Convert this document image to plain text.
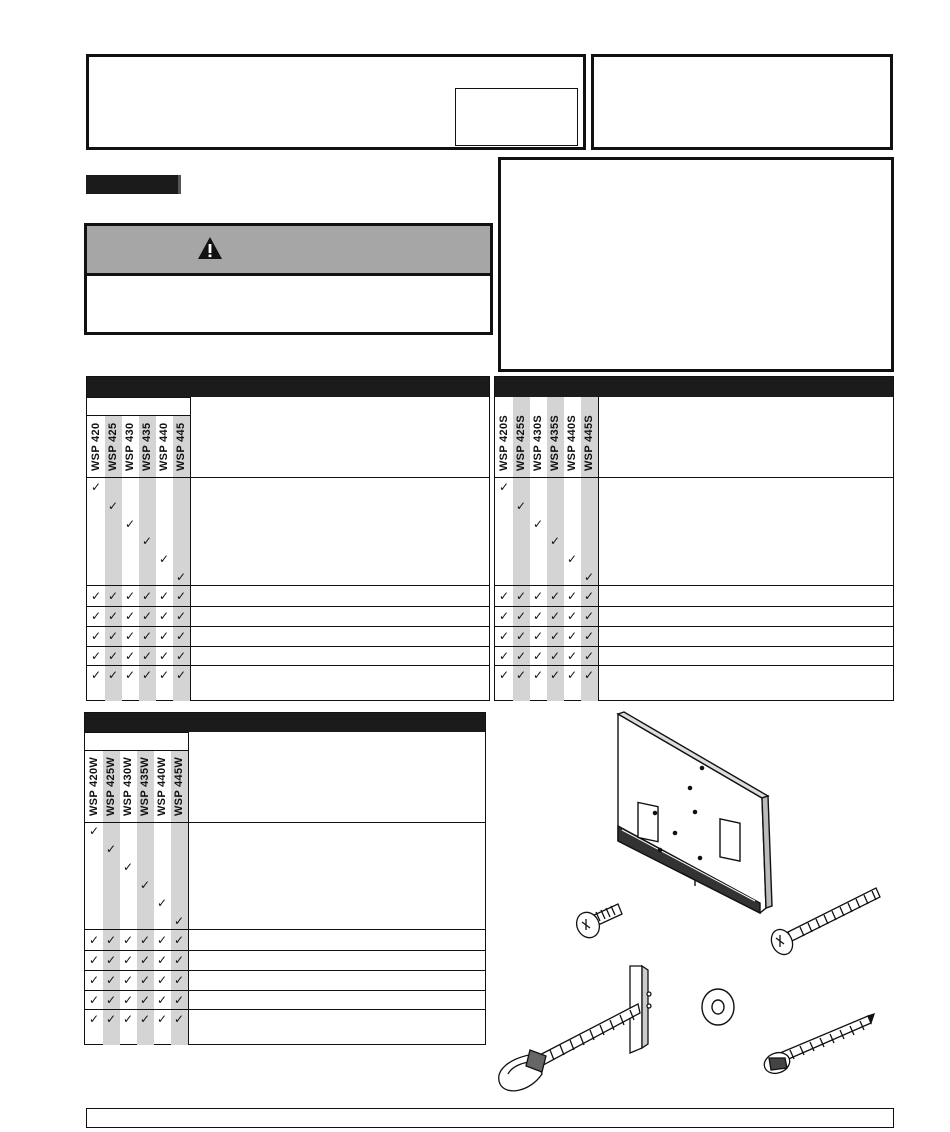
WSP 420 WSP 425 WSP 430 WSP 435 WSP 440 WSP 445
✓
✓
✓
✓
✓
✓
✓ ✓ ✓ ✓ ✓ ✓
✓ ✓ ✓ ✓ ✓ ✓
✓ ✓ ✓ ✓ ✓ ✓
✓ ✓ ✓ ✓ ✓ ✓
✓ ✓ ✓ ✓ ✓ ✓
WSP 420S WSP 425S WSP 430S WSP 435S WSP 440S WSP 445S
✓
✓
✓
✓
✓
✓
✓ ✓ ✓ ✓ ✓ ✓
✓ ✓ ✓ ✓ ✓ ✓
✓ ✓ ✓ ✓ ✓ ✓
✓ ✓ ✓ ✓ ✓ ✓
✓ ✓ ✓ ✓ ✓ ✓
WSP 420W WSP 425W WSP 430W WSP 435W WSP 440W WSP 445W
✓
✓
✓
✓
✓
✓
✓ ✓ ✓ ✓ ✓ ✓
✓ ✓ ✓ ✓ ✓ ✓
✓ ✓ ✓ ✓ ✓ ✓
✓ ✓ ✓ ✓ ✓ ✓
✓ ✓ ✓ ✓ ✓ ✓
